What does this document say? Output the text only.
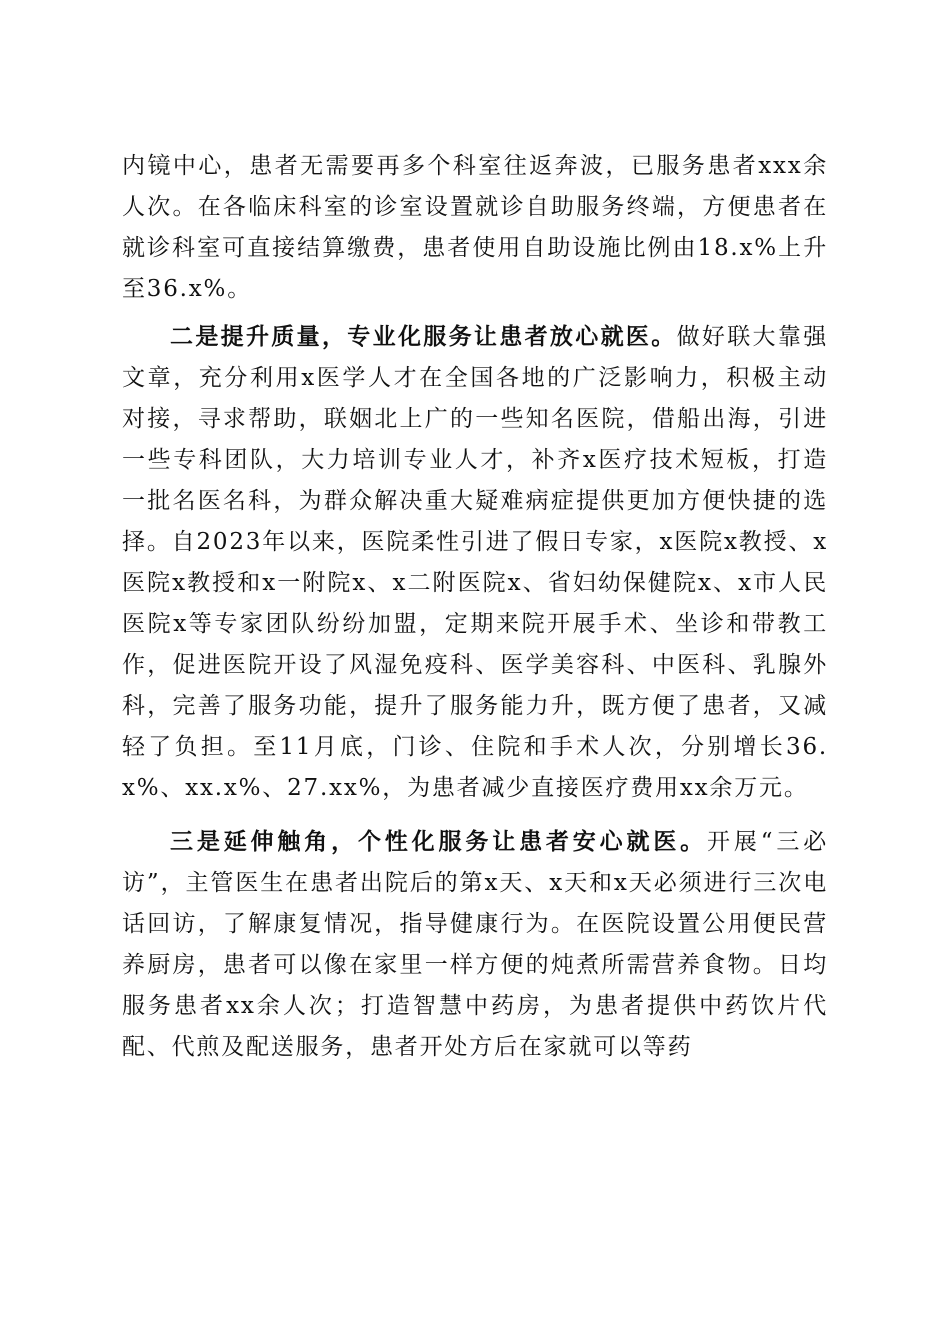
内镜中心，患者无需要再多个科室往返奔波，已服务患者xxx余人次。在各临床科室的诊室设置就诊自助服务终端，方便患者在就诊科室可直接结算缴费，患者使用自助设施比例由18.x%上升至36.x%。

二是提升质量，专业化服务让患者放心就医。做好联大靠强文章，充分利用x医学人才在全国各地的广泛影响力，积极主动对接，寻求帮助，联姻北上广的一些知名医院，借船出海，引进一些专科团队，大力培训专业人才，补齐x医疗技术短板，打造一批名医名科，为群众解决重大疑难病症提供更加方便快捷的选择。自2023年以来，医院柔性引进了假日专家，x医院x教授、x医院x教授和x一附院x、x二附医院x、省妇幼保健院x、x市人民医院x等专家团队纷纷加盟，定期来院开展手术、坐诊和带教工作，促进医院开设了风湿免疫科、医学美容科、中医科、乳腺外科，完善了服务功能，提升了服务能力升，既方便了患者，又减轻了负担。至11月底，门诊、住院和手术人次，分别增长36.x%、xx.x%、27.xx%，为患者减少直接医疗费用xx余万元。

三是延伸触角，个性化服务让患者安心就医。开展“三必访”，主管医生在患者出院后的第x天、x天和x天必须进行三次电话回访，了解康复情况，指导健康行为。在医院设置公用便民营养厨房，患者可以像在家里一样方便的炖煮所需营养食物。日均服务患者xx余人次；打造智慧中药房，为患者提供中药饮片代配、代煎及配送服务，患者开处方后在家就可以等药
